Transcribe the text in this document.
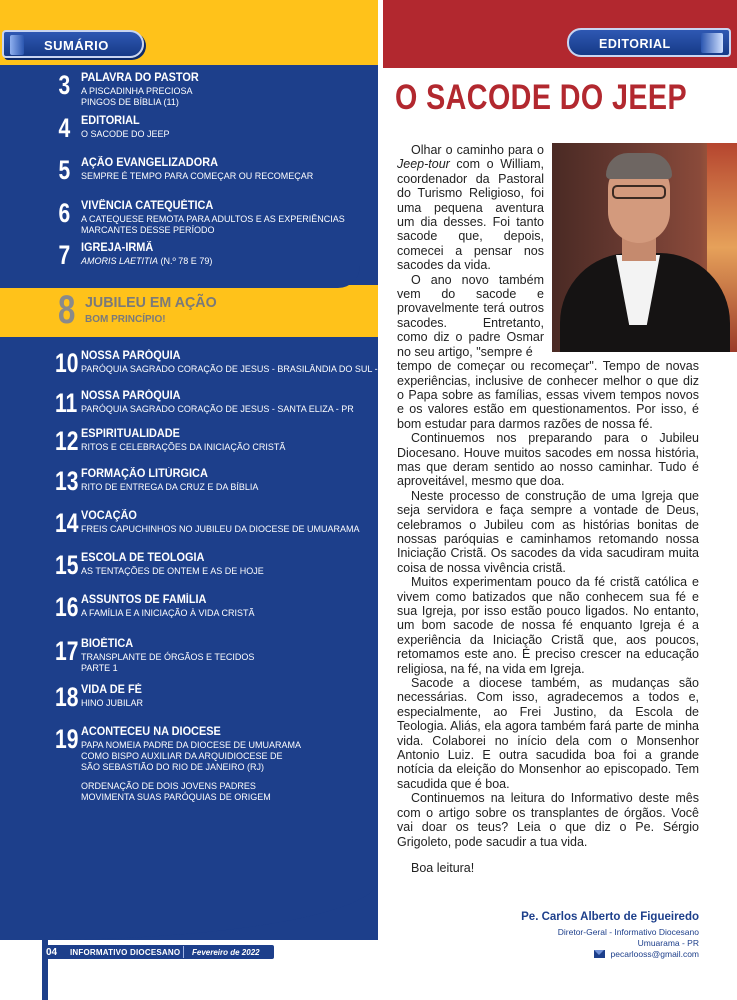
SUMÁRIO
3 PALAVRA DO PASTOR
A PISCADINHA PRECIOSA
PINGOS DE BÍBLIA (11)
4 EDITORIAL
O SACODE DO JEEP
5 AÇÃO EVANGELIZADORA
SEMPRE É TEMPO PARA COMEÇAR OU RECOMEÇAR
6 VIVÊNCIA CATEQUÉTICA
A CATEQUESE REMOTA PARA ADULTOS E AS EXPERIÊNCIAS
MARCANTES DESSE PERÍODO
7 IGREJA-IRMÃ
AMORIS LAETITIA (N.º 78 E 79)
8 JUBILEU EM AÇÃO
BOM PRINCÍPIO!
10 NOSSA PARÓQUIA
PARÓQUIA SAGRADO CORAÇÃO DE JESUS - BRASILÂNDIA DO SUL - PR
11 NOSSA PARÓQUIA
PARÓQUIA SAGRADO CORAÇÃO DE JESUS - SANTA ELIZA - PR
12 ESPIRITUALIDADE
RITOS E CELEBRAÇÕES DA INICIAÇÃO CRISTÃ
13 FORMAÇÃO LITÚRGICA
RITO DE ENTREGA DA CRUZ E DA BÍBLIA
14 VOCAÇÃO
FREIS CAPUCHINHOS NO JUBILEU DA DIOCESE DE UMUARAMA
15 ESCOLA DE TEOLOGIA
AS TENTAÇÕES DE ONTEM E AS DE HOJE
16 ASSUNTOS DE FAMÍLIA
A FAMÍLIA E A INICIAÇÃO À VIDA CRISTÃ
17 BIOÉTICA
TRANSPLANTE DE ÓRGÃOS E TECIDOS
PARTE 1
18 VIDA DE FÉ
HINO JUBILAR
19 ACONTECEU NA DIOCESE
PAPA NOMEIA PADRE DA DIOCESE DE UMUARAMA
COMO BISPO AUXILIAR DA ARQUIDIOCESE DE
SÃO SEBASTIÃO DO RIO DE JANEIRO (RJ)
ORDENAÇÃO DE DOIS JOVENS PADRES
MOVIMENTA SUAS PARÓQUIAS DE ORIGEM
04 INFORMATIVO DIOCESANO Fevereiro de 2022
EDITORIAL
O SACODE DO JEEP

Olhar o caminho para o Jeep-tour com o William, coordenador da Pastoral do Turismo Religioso, foi uma pequena aventura um dia desses. Foi tanto sacode que, depois, comecei a pensar nos sacodes da vida.

O ano novo também vem do sacode e provavelmente terá outros sacodes. Entretanto, como diz o padre Osmar no seu artigo, "sempre é

tempo de começar ou recomeçar". Tempo de novas experiências, inclusive de conhecer melhor o que diz o Papa sobre as famílias, essas vivem tempos novos e os valores estão em questionamentos. Por isso, é bom estudar para darmos razões de nossa fé.

Continuemos nos preparando para o Jubileu Diocesano. Houve muitos sacodes em nossa história, mas que deram sentido ao nosso caminhar. Tudo é aproveitável, mesmo que doa.

Neste processo de construção de uma Igreja que seja servidora e faça sempre a vontade de Deus, celebramos o Jubileu com as histórias bonitas de nossas paróquias e caminhamos retomando nossa Iniciação Cristã. Os sacodes da vida sacudiram muita coisa de nossa vivência cristã.

Muitos experimentam pouco da fé cristã católica e vivem como batizados que não conhecem sua fé e sua Igreja, por isso estão pouco ligados. No entanto, um bom sacode de nossa fé enquanto Igreja é a experiência da Iniciação Cristã que, aos poucos, retomamos este ano. É preciso crescer na educação religiosa, na fé, na vida em Igreja.

Sacode a diocese também, as mudanças são necessárias. Com isso, agradecemos a todos e, especialmente, ao Frei Justino, da Escola de Teologia. Aliás, ela agora também fará parte de minha vida. Colaborei no início dela com o Monsenhor Antonio Luiz. E outra sacudida boa foi a grande notícia da eleição do Monsenhor ao episcopado. Tem sacudida que é boa.

Continuemos na leitura do Informativo deste mês com o artigo sobre os transplantes de órgãos. Você vai doar os teus? Leia o que diz o Pe. Sérgio Grigoleto, pode sacudir a tua vida.

Boa leitura!

Pe. Carlos Alberto de Figueiredo
Diretor-Geral - Informativo Diocesano
Umuarama - PR
pecarlooss@gmail.com
